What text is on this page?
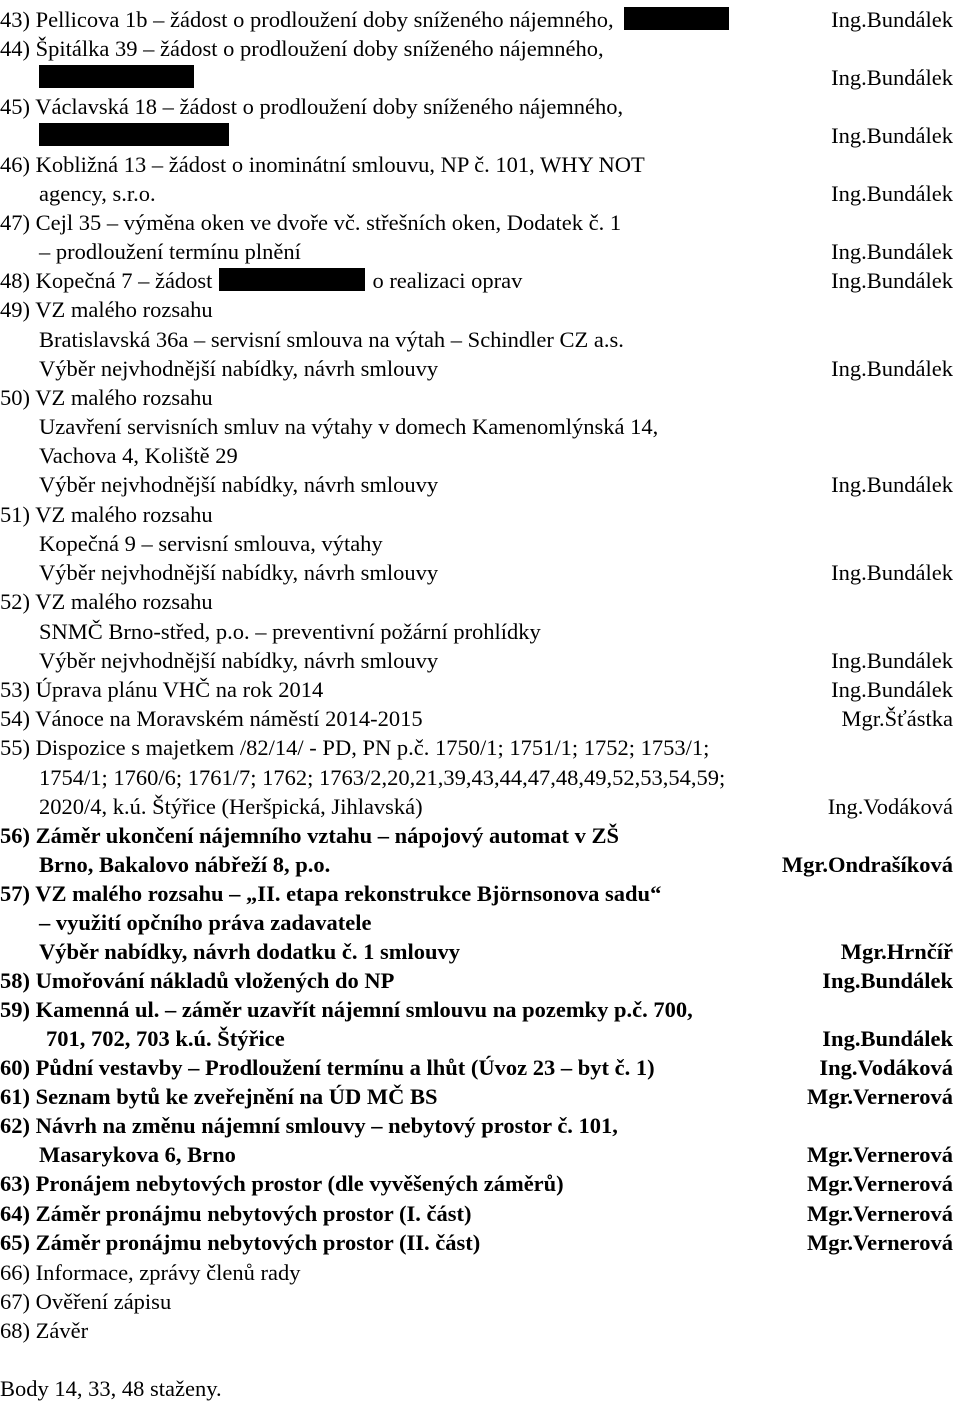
43) Pellicova 1b – žádost o prodloužení doby sníženého nájemného,	Ing.Bundálek
44) Špitálka 39 – žádost o prodloužení doby sníženého nájemného,
Ing.Bundálek
45) Václavská 18 – žádost o prodloužení doby sníženého nájemného,
Ing.Bundálek
46) Kobližná 13 – žádost o inominátní smlouvu, NP č. 101, WHY NOT
agency, s.r.o.	Ing.Bundálek
47) Cejl 35 – výměna oken ve dvoře vč. střešních oken, Dodatek č. 1
– prodloužení termínu plnění	Ing.Bundálek
48) Kopečná 7 – žádost	o realizaci oprav	Ing.Bundálek
49) VZ malého rozsahu
Bratislavská 36a – servisní smlouva na výtah – Schindler CZ a.s.
Výběr nejvhodnější nabídky, návrh smlouvy	Ing.Bundálek
50) VZ malého rozsahu
Uzavření servisních smluv na výtahy v domech Kamenomlýnská 14,
Vachova 4, Koliště 29
Výběr nejvhodnější nabídky, návrh smlouvy	Ing.Bundálek
51) VZ malého rozsahu
Kopečná 9 – servisní smlouva, výtahy
Výběr nejvhodnější nabídky, návrh smlouvy	Ing.Bundálek
52) VZ malého rozsahu
SNMČ Brno-střed, p.o. – preventivní požární prohlídky
Výběr nejvhodnější nabídky, návrh smlouvy	Ing.Bundálek
53) Úprava plánu VHČ na rok 2014	Ing.Bundálek
54) Vánoce na Moravském náměstí 2014-2015	Mgr.Šťástka
55) Dispozice s majetkem /82/14/ - PD, PN p.č. 1750/1; 1751/1; 1752; 1753/1;
1754/1; 1760/6; 1761/7; 1762; 1763/2,20,21,39,43,44,47,48,49,52,53,54,59;
2020/4, k.ú. Štýřice (Heršpická, Jihlavská)	Ing.Vodáková
56) Záměr ukončení nájemního vztahu – nápojový automat v ZŠ
Brno, Bakalovo nábřeží 8, p.o.	Mgr.Ondrašíková
57) VZ malého rozsahu – „II. etapa rekonstrukce Björnsonova sadu“
– využití opčního práva zadavatele
Výběr nabídky, návrh dodatku č. 1 smlouvy	Mgr.Hrnčíř
58) Umořování nákladů vložených do NP	Ing.Bundálek
59) Kamenná ul. – záměr uzavřít nájemní smlouvu na pozemky p.č. 700,
701, 702, 703 k.ú. Štýřice	Ing.Bundálek
60) Půdní vestavby – Prodloužení termínu a lhůt (Úvoz 23 – byt č. 1)	Ing.Vodáková
61) Seznam bytů ke zveřejnění na ÚD MČ BS	Mgr.Vernerová
62) Návrh na změnu nájemní smlouvy – nebytový prostor č. 101,
Masarykova 6, Brno	Mgr.Vernerová
63) Pronájem nebytových prostor (dle vyvěšených záměrů)	Mgr.Vernerová
64) Záměr pronájmu nebytových prostor (I. část)	Mgr.Vernerová
65) Záměr pronájmu nebytových prostor (II. část)	Mgr.Vernerová
66) Informace, zprávy členů rady
67) Ověření zápisu
68) Závěr
Body 14, 33, 48 staženy.
